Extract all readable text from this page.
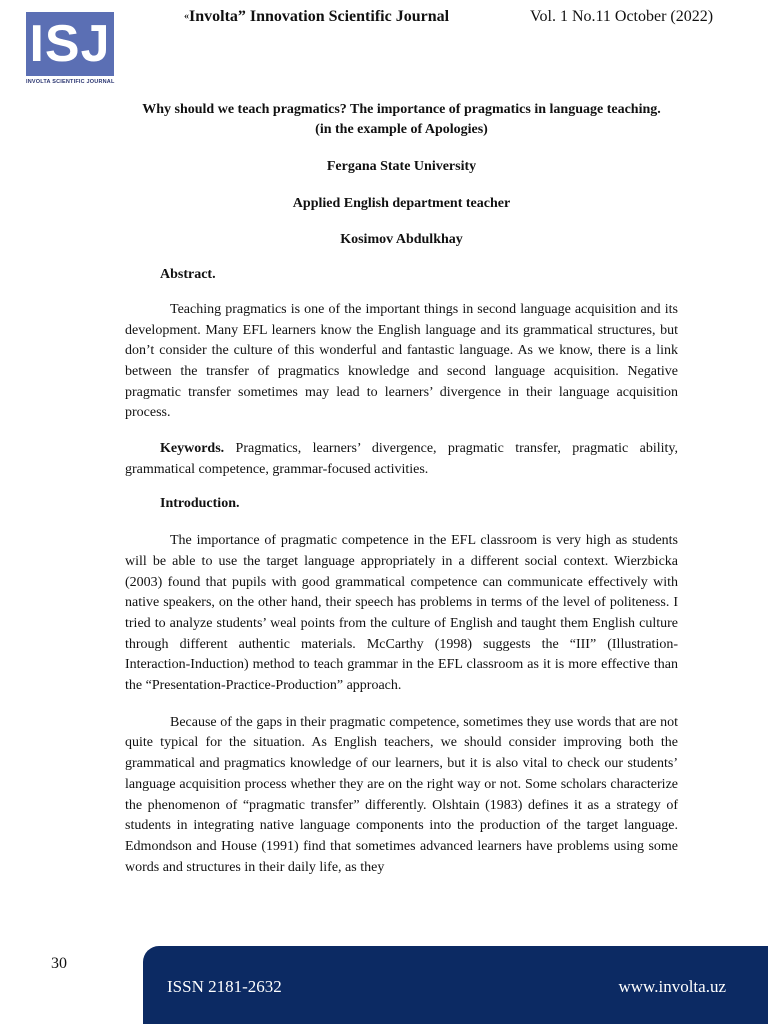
ISJ
INVOLTA SCIENTIFIC JOURNAL
«Involta” Innovation Scientific Journal	Vol. 1 No.11 October (2022)
Why should we teach pragmatics? The importance of pragmatics in language teaching. (in the example of Apologies)
Fergana State University
Applied English department teacher
Kosimov Abdulkhay
Abstract.

Teaching pragmatics is one of the important things in second language acquisition and its development. Many EFL learners know the English language and its grammatical structures, but don’t consider the culture of this wonderful and fantastic language. As we know, there is a link between the transfer of pragmatics knowledge and second language acquisition. Negative pragmatic transfer sometimes may lead to learners’ divergence in their language acquisition process.

Keywords. Pragmatics, learners’ divergence, pragmatic transfer, pragmatic ability, grammatical competence, grammar-focused activities.

Introduction.

The importance of pragmatic competence in the EFL classroom is very high as students will be able to use the target language appropriately in a different social context. Wierzbicka (2003) found that pupils with good grammatical competence can communicate effectively with native speakers, on the other hand, their speech has problems in terms of the level of politeness. I tried to analyze students’ weal points from the culture of English and taught them English culture through different authentic materials. McCarthy (1998) suggests the “III” (Illustration- Interaction-Induction) method to teach grammar in the EFL classroom as it is more effective than the “Presentation-Practice-Production” approach.

Because of the gaps in their pragmatic competence, sometimes they use words that are not quite typical for the situation. As English teachers, we should consider improving both the grammatical and pragmatics knowledge of our learners, but it is also vital to check our students’ language acquisition process whether they are on the right way or not. Some scholars characterize the phenomenon of “pragmatic transfer” differently. Olshtain (1983) defines it as a strategy of students in integrating native language components into the production of the target language. Edmondson and House (1991) find that sometimes advanced learners have problems using some words and structures in their daily life, as they

30
ISSN 2181-2632	www.involta.uz
